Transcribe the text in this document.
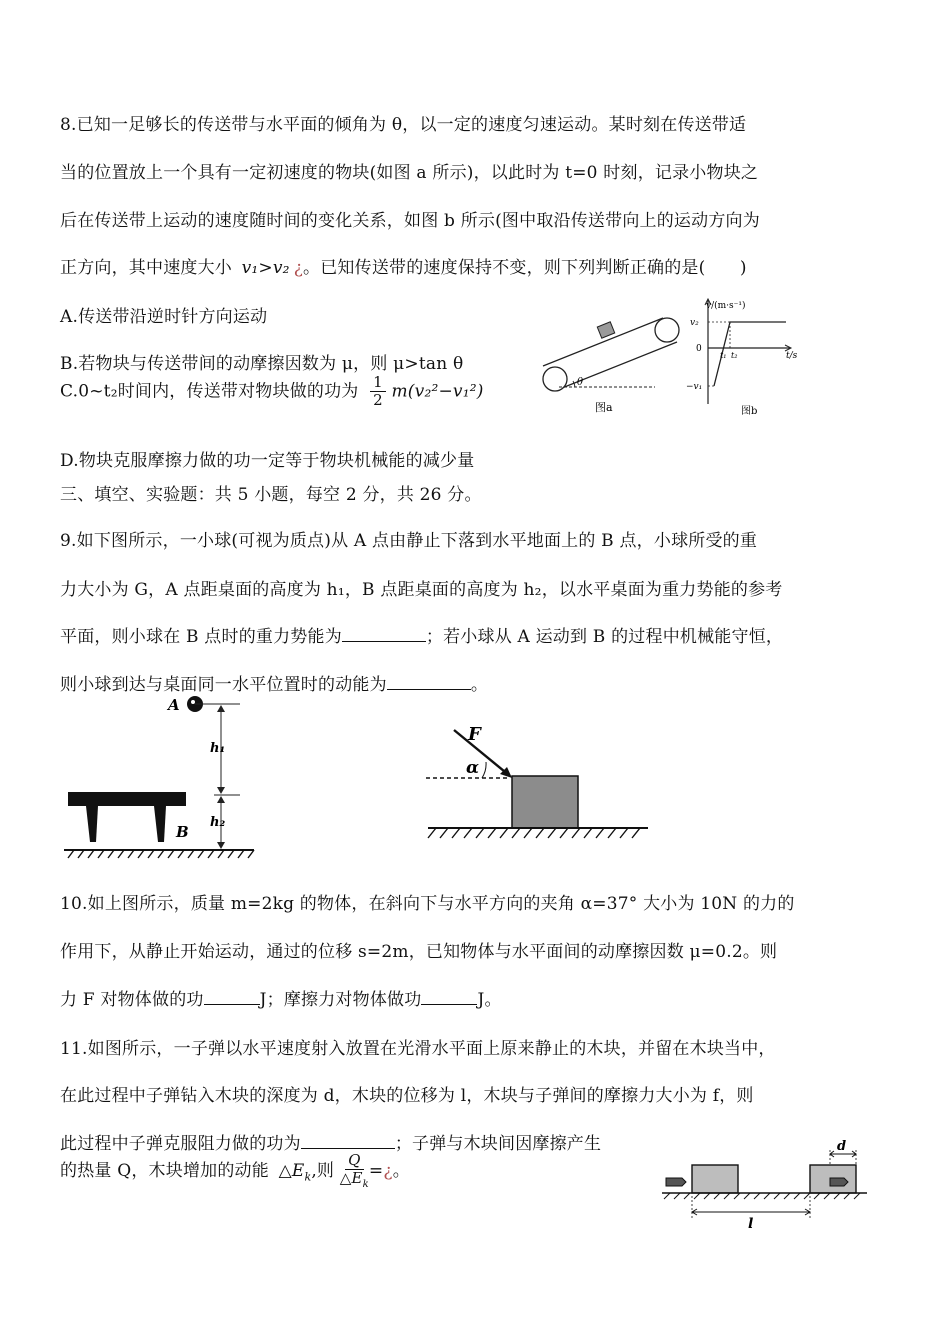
8.已知一足够长的传送带与水平面的倾角为 θ，以一定的速度匀速运动。某时刻在传送带适
当的位置放上一个具有一定初速度的物块(如图 a 所示)，以此时为 t=0 时刻，记录小物块之
后在传送带上运动的速度随时间的变化关系，如图 b 所示(图中取沿传送带向上的运动方向为
正方向，其中速度大小 v₁>v₂ ¿。已知传送带的速度保持不变，则下列判断正确的是(　　)
A.传送带沿逆时针方向运动
B.若物块与传送带间的动摩擦因数为 μ，则 μ>tan θ
C.0~t₂时间内，传送带对物块做的功为 $\frac{1}{2} m(v_2^2-v_1^2)$
D.物块克服摩擦力做的功一定等于物块机械能的减少量
θ
图a
v/(m·s⁻¹)
t/s
v₂
0
−v₁
t₁ t₂
图b
三、填空、实验题：共 5 小题，每空 2 分，共 26 分。
9.如下图所示，一小球(可视为质点)从 A 点由静止下落到水平地面上的 B 点，小球所受的重
力大小为 G，A 点距桌面的高度为 h₁，B 点距桌面的高度为 h₂，以水平桌面为重力势能的参考
平面，则小球在 B 点时的重力势能为	；若小球从 A 运动到 B 的过程中机械能守恒，
则小球到达与桌面同一水平位置时的动能为	。
A
h₁
h₂
B
F
α
10.如上图所示，质量 m=2kg 的物体，在斜向下与水平方向的夹角 α=37° 大小为 10N 的力的
作用下，从静止开始运动，通过的位移 s=2m，已知物体与水平面间的动摩擦因数 μ=0.2。则
力 F 对物体做的功	J；摩擦力对物体做功	J。
11.如图所示，一子弹以水平速度射入放置在光滑水平面上原来静止的木块，并留在木块当中，
在此过程中子弹钻入木块的深度为 d，木块的位移为 l，木块与子弹间的摩擦力大小为 f，则
此过程中子弹克服阻力做的功为	；子弹与木块间因摩擦产生
的热量 Q，木块增加的动能 $\triangle E_k$,则 $\frac{Q}{\triangle E_k}$ =¿。
d
l
